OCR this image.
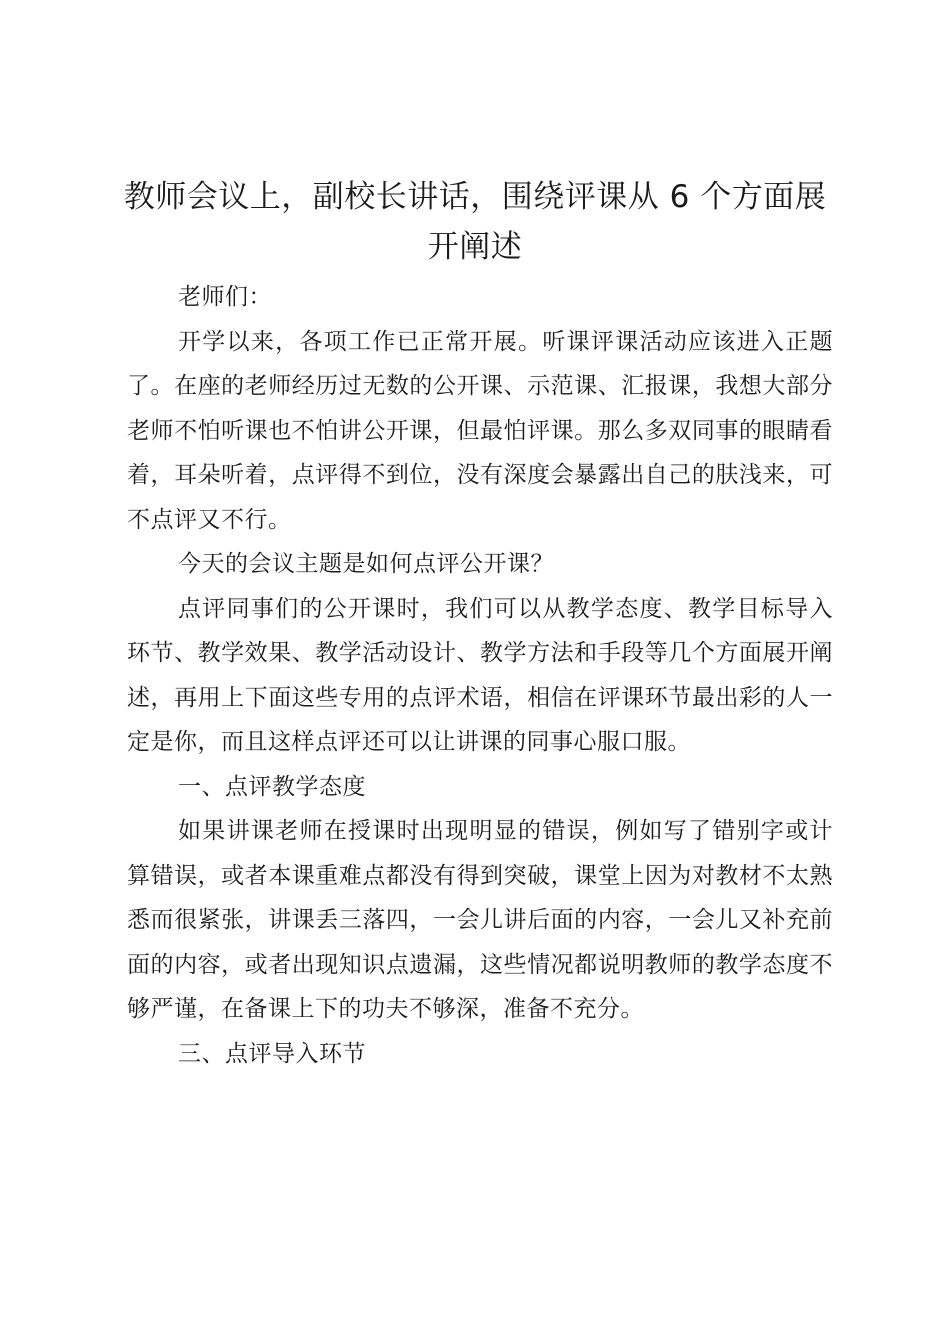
教师会议上，副校长讲话，围绕评课从 6 个方面展开阐述

老师们：

开学以来，各项工作已正常开展。听课评课活动应该进入正题了。在座的老师经历过无数的公开课、示范课、汇报课，我想大部分老师不怕听课也不怕讲公开课，但最怕评课。那么多双同事的眼睛看着，耳朵听着，点评得不到位，没有深度会暴露出自己的肤浅来，可不点评又不行。

今天的会议主题是如何点评公开课？

点评同事们的公开课时，我们可以从教学态度、教学目标导入环节、教学效果、教学活动设计、教学方法和手段等几个方面展开阐述，再用上下面这些专用的点评术语，相信在评课环节最出彩的人一定是你，而且这样点评还可以让讲课的同事心服口服。

一、点评教学态度

如果讲课老师在授课时出现明显的错误，例如写了错别字或计算错误，或者本课重难点都没有得到突破，课堂上因为对教材不太熟悉而很紧张，讲课丢三落四，一会儿讲后面的内容，一会儿又补充前面的内容，或者出现知识点遗漏，这些情况都说明教师的教学态度不够严谨，在备课上下的功夫不够深，准备不充分。

三、点评导入环节
